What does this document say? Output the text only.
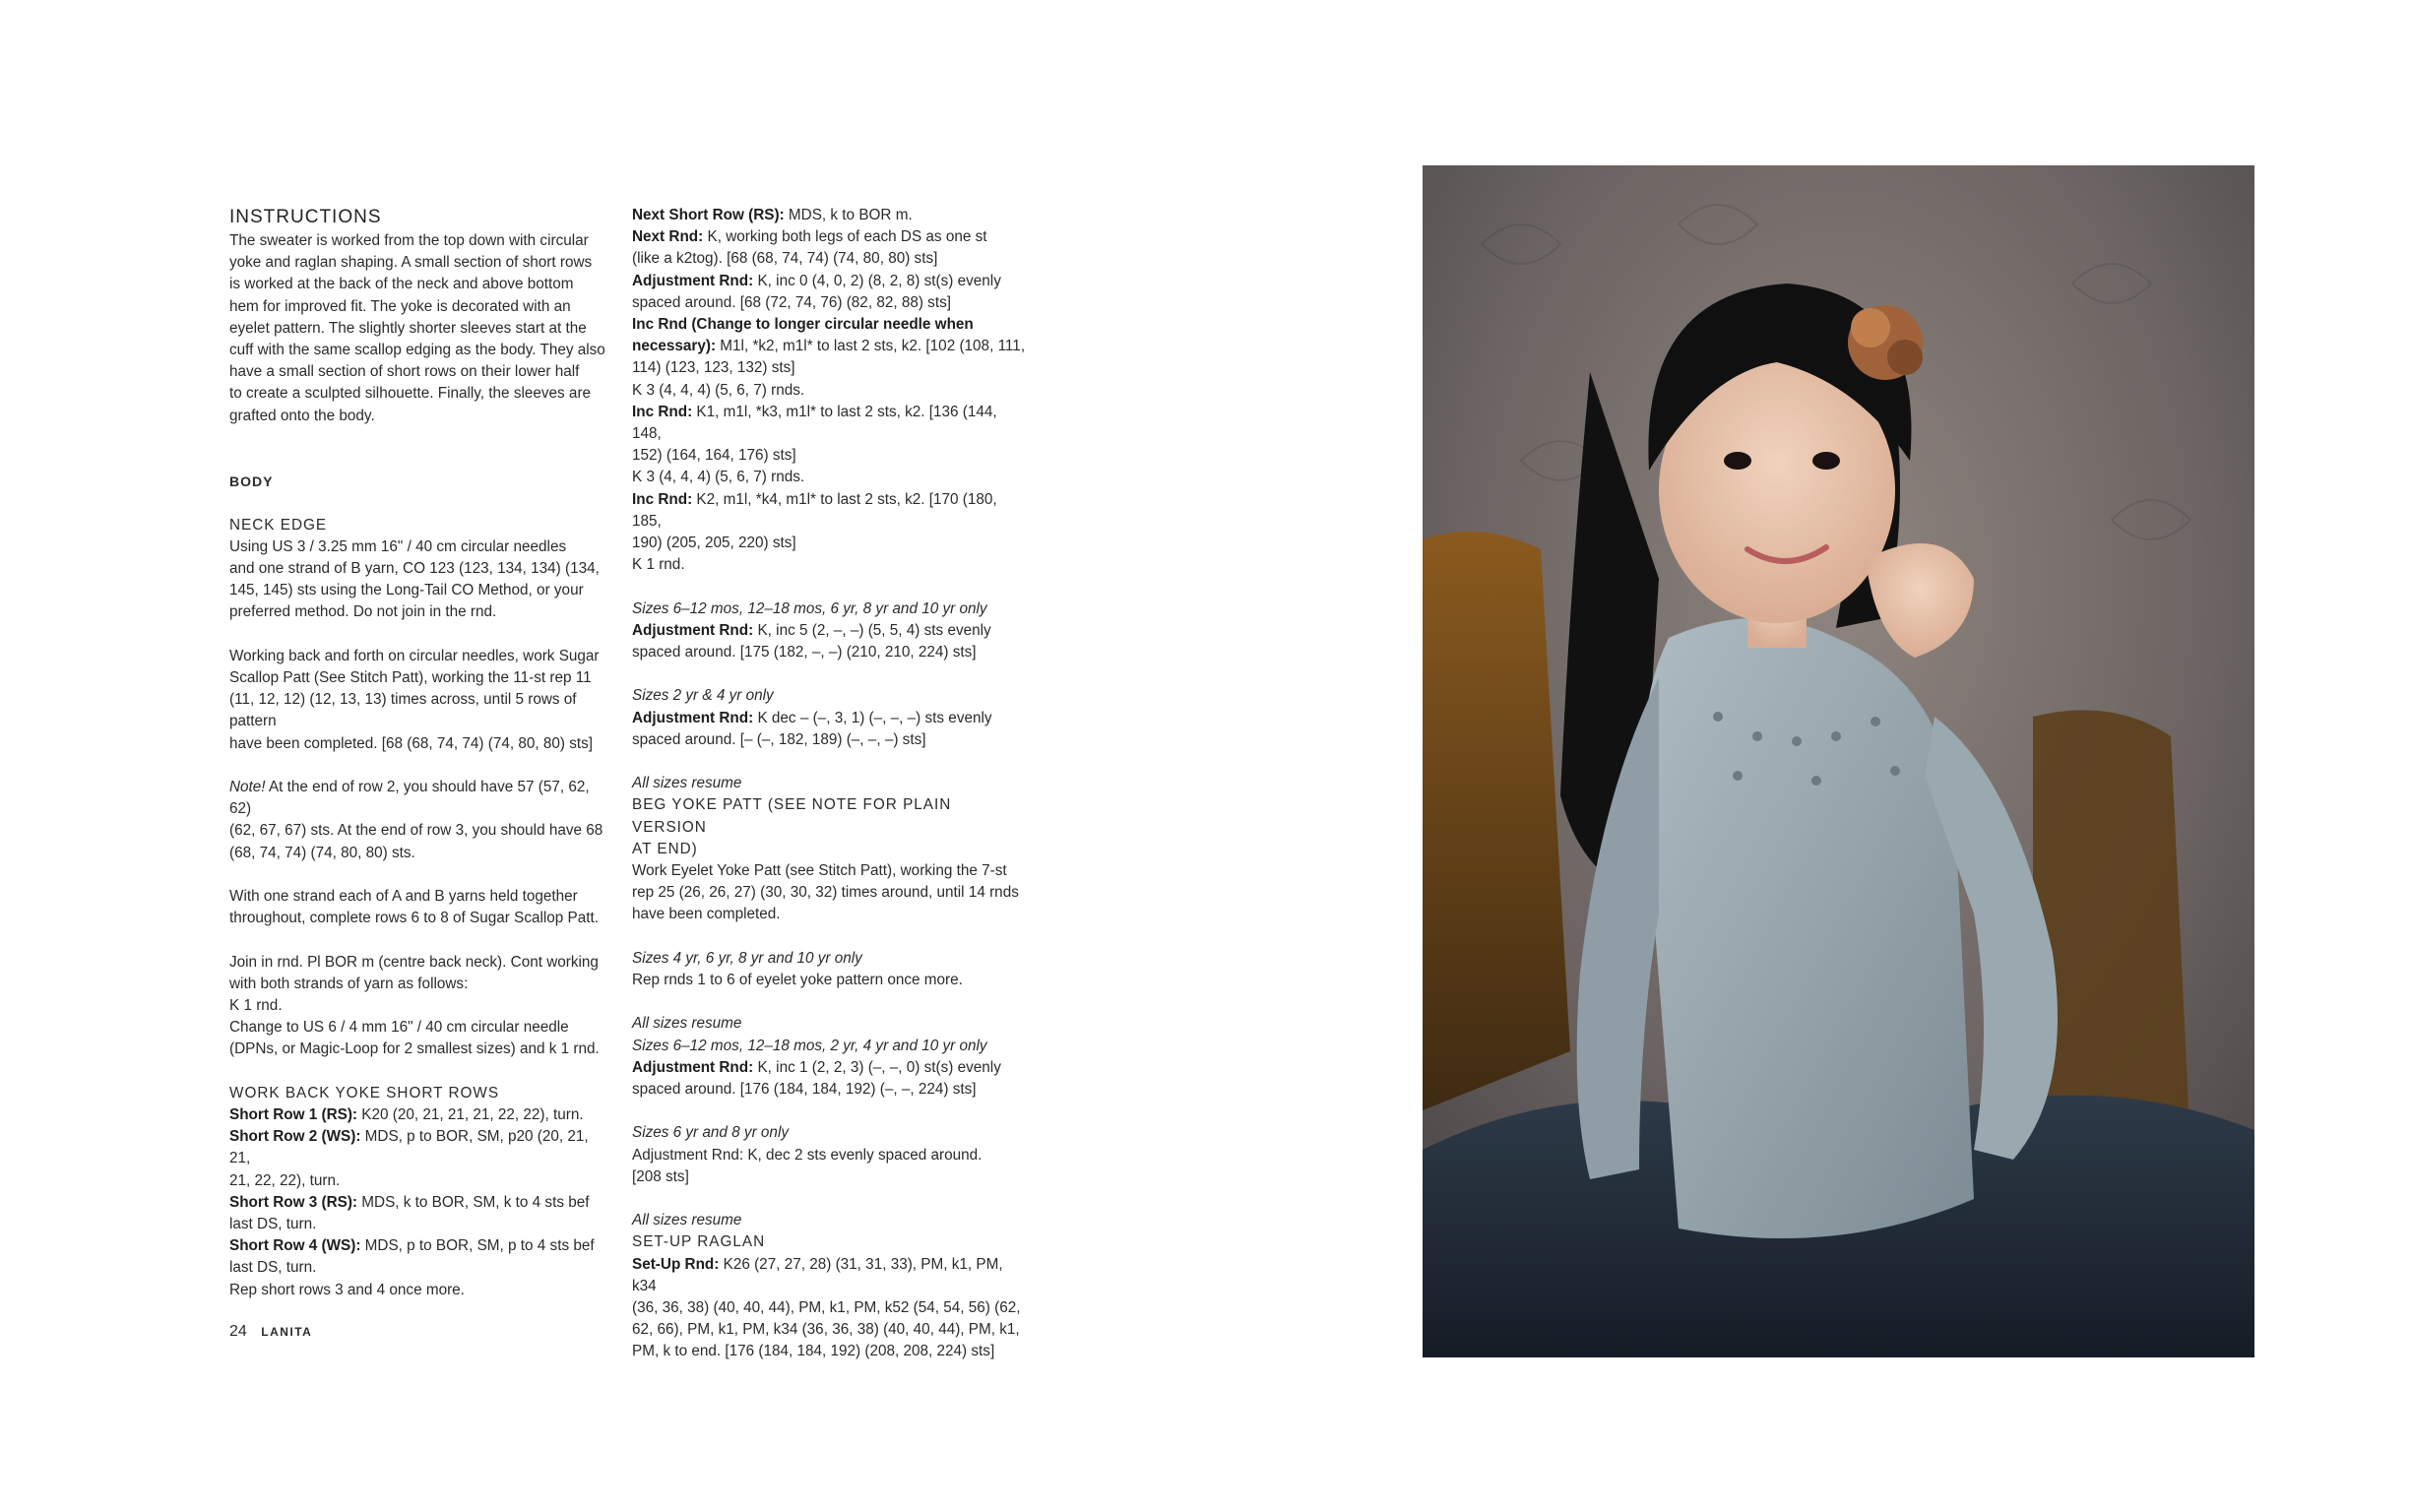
INSTRUCTIONS

The sweater is worked from the top down with circular

yoke and raglan shaping. A small section of short rows

is worked at the back of the neck and above bottom

hem for improved fit. The yoke is decorated with an

eyelet pattern. The slightly shorter sleeves start at the

cuff with the same scallop edging as the body. They also

have a small section of short rows on their lower half

to create a sculpted silhouette. Finally, the sleeves are

grafted onto the body.

BODY

NECK EDGE

Using US 3 / 3.25 mm 16" / 40 cm circular needles

and one strand of B yarn, CO 123 (123, 134, 134) (134,

145, 145) sts using the Long-Tail CO Method, or your

preferred method. Do not join in the rnd.

Working back and forth on circular needles, work Sugar

Scallop Patt (See Stitch Patt), working the 11-st rep 11

(11, 12, 12) (12, 13, 13) times across, until 5 rows of pattern

have been completed. [68 (68, 74, 74) (74, 80, 80) sts]

Note! At the end of row 2, you should have 57 (57, 62, 62)

(62, 67, 67) sts. At the end of row 3, you should have 68

(68, 74, 74) (74, 80, 80) sts.

With one strand each of A and B yarns held together

throughout, complete rows 6 to 8 of Sugar Scallop Patt.

Join in rnd. Pl BOR m (centre back neck). Cont working

with both strands of yarn as follows:

K 1 rnd.

Change to US 6 / 4 mm 16" / 40 cm circular needle

(DPNs, or Magic-Loop for 2 smallest sizes) and k 1 rnd.

WORK BACK YOKE SHORT ROWS

Short Row 1 (RS): K20 (20, 21, 21, 21, 22, 22), turn.

Short Row 2 (WS): MDS, p to BOR, SM, p20 (20, 21, 21,

21, 22, 22), turn.

Short Row 3 (RS): MDS, k to BOR, SM, k to 4 sts bef

last DS, turn.

Short Row 4 (WS): MDS, p to BOR, SM, p to 4 sts bef

last DS, turn.

Rep short rows 3 and 4 once more.

Next Short Row (RS): MDS, k to BOR m.

Next Rnd: K, working both legs of each DS as one st

(like a k2tog). [68 (68, 74, 74) (74, 80, 80) sts]

Adjustment Rnd: K, inc 0 (4, 0, 2) (8, 2, 8) st(s) evenly

spaced around. [68 (72, 74, 76) (82, 82, 88) sts]

Inc Rnd (Change to longer circular needle when

necessary): M1l, *k2, m1l* to last 2 sts, k2. [102 (108, 111,

114) (123, 123, 132) sts]

K 3 (4, 4, 4) (5, 6, 7) rnds.

Inc Rnd: K1, m1l, *k3, m1l* to last 2 sts, k2. [136 (144, 148,

152) (164, 164, 176) sts]

K 3 (4, 4, 4) (5, 6, 7) rnds.

Inc Rnd: K2, m1l, *k4, m1l* to last 2 sts, k2. [170 (180, 185,

190) (205, 205, 220) sts]

K 1 rnd.

Sizes 6–12 mos, 12–18 mos, 6 yr, 8 yr and 10 yr only

Adjustment Rnd: K, inc 5 (2, –, –) (5, 5, 4) sts evenly

spaced around. [175 (182, –, –) (210, 210, 224) sts]

Sizes 2 yr & 4 yr only

Adjustment Rnd: K dec – (–, 3, 1) (–, –, –) sts evenly

spaced around. [– (–, 182, 189) (–, –, –) sts]

All sizes resume

BEG YOKE PATT (SEE NOTE FOR PLAIN VERSION

AT END)

Work Eyelet Yoke Patt (see Stitch Patt), working the 7-st

rep 25 (26, 26, 27) (30, 30, 32) times around, until 14 rnds

have been completed.

Sizes 4 yr, 6 yr, 8 yr and 10 yr only

Rep rnds 1 to 6 of eyelet yoke pattern once more.

All sizes resume

Sizes 6–12 mos, 12–18 mos, 2 yr, 4 yr and 10 yr only

Adjustment Rnd: K, inc 1 (2, 2, 3) (–, –, 0) st(s) evenly

spaced around. [176 (184, 184, 192) (–, –, 224) sts]

Sizes 6 yr and 8 yr only

Adjustment Rnd: K, dec 2 sts evenly spaced around.

[208 sts]

All sizes resume

SET-UP RAGLAN

Set-Up Rnd: K26 (27, 27, 28) (31, 31, 33), PM, k1, PM, k34

(36, 36, 38) (40, 40, 44), PM, k1, PM, k52 (54, 54, 56) (62,

62, 66), PM, k1, PM, k34 (36, 36, 38) (40, 40, 44), PM, k1,

PM, k to end. [176 (184, 184, 192) (208, 208, 224) sts]

24 LANITA
